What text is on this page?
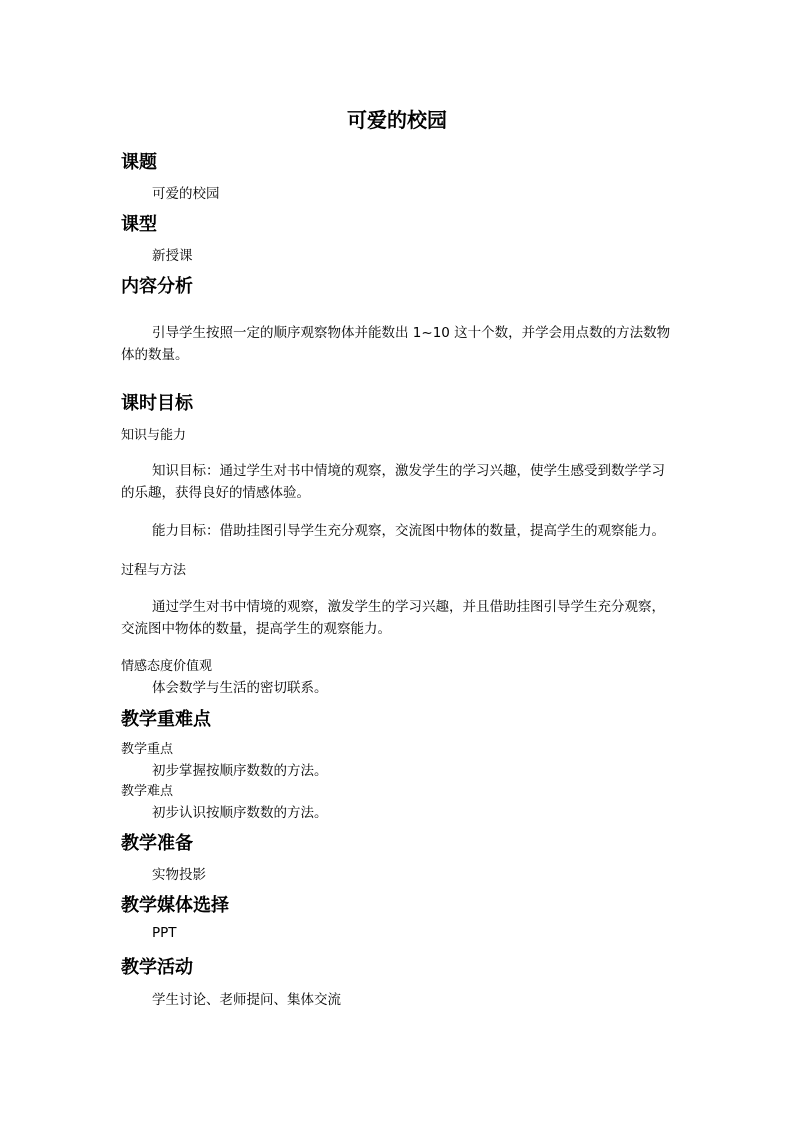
可爱的校园
课题
可爱的校园
课型
新授课
内容分析

引导学生按照一定的顺序观察物体并能数出 1~10 这十个数，并学会用点数的方法数物体的数量。

课时目标
知识与能力

知识目标：通过学生对书中情境的观察，激发学生的学习兴趣，使学生感受到数学学习的乐趣，获得良好的情感体验。

能力目标：借助挂图引导学生充分观察，交流图中物体的数量，提高学生的观察能力。

过程与方法

通过学生对书中情境的观察，激发学生的学习兴趣，并且借助挂图引导学生充分观察，交流图中物体的数量，提高学生的观察能力。

情感态度价值观
体会数学与生活的密切联系。
教学重难点
教学重点
初步掌握按顺序数数的方法。
教学难点
初步认识按顺序数数的方法。
教学准备
实物投影
教学媒体选择
PPT
教学活动
学生讨论、老师提问、集体交流
